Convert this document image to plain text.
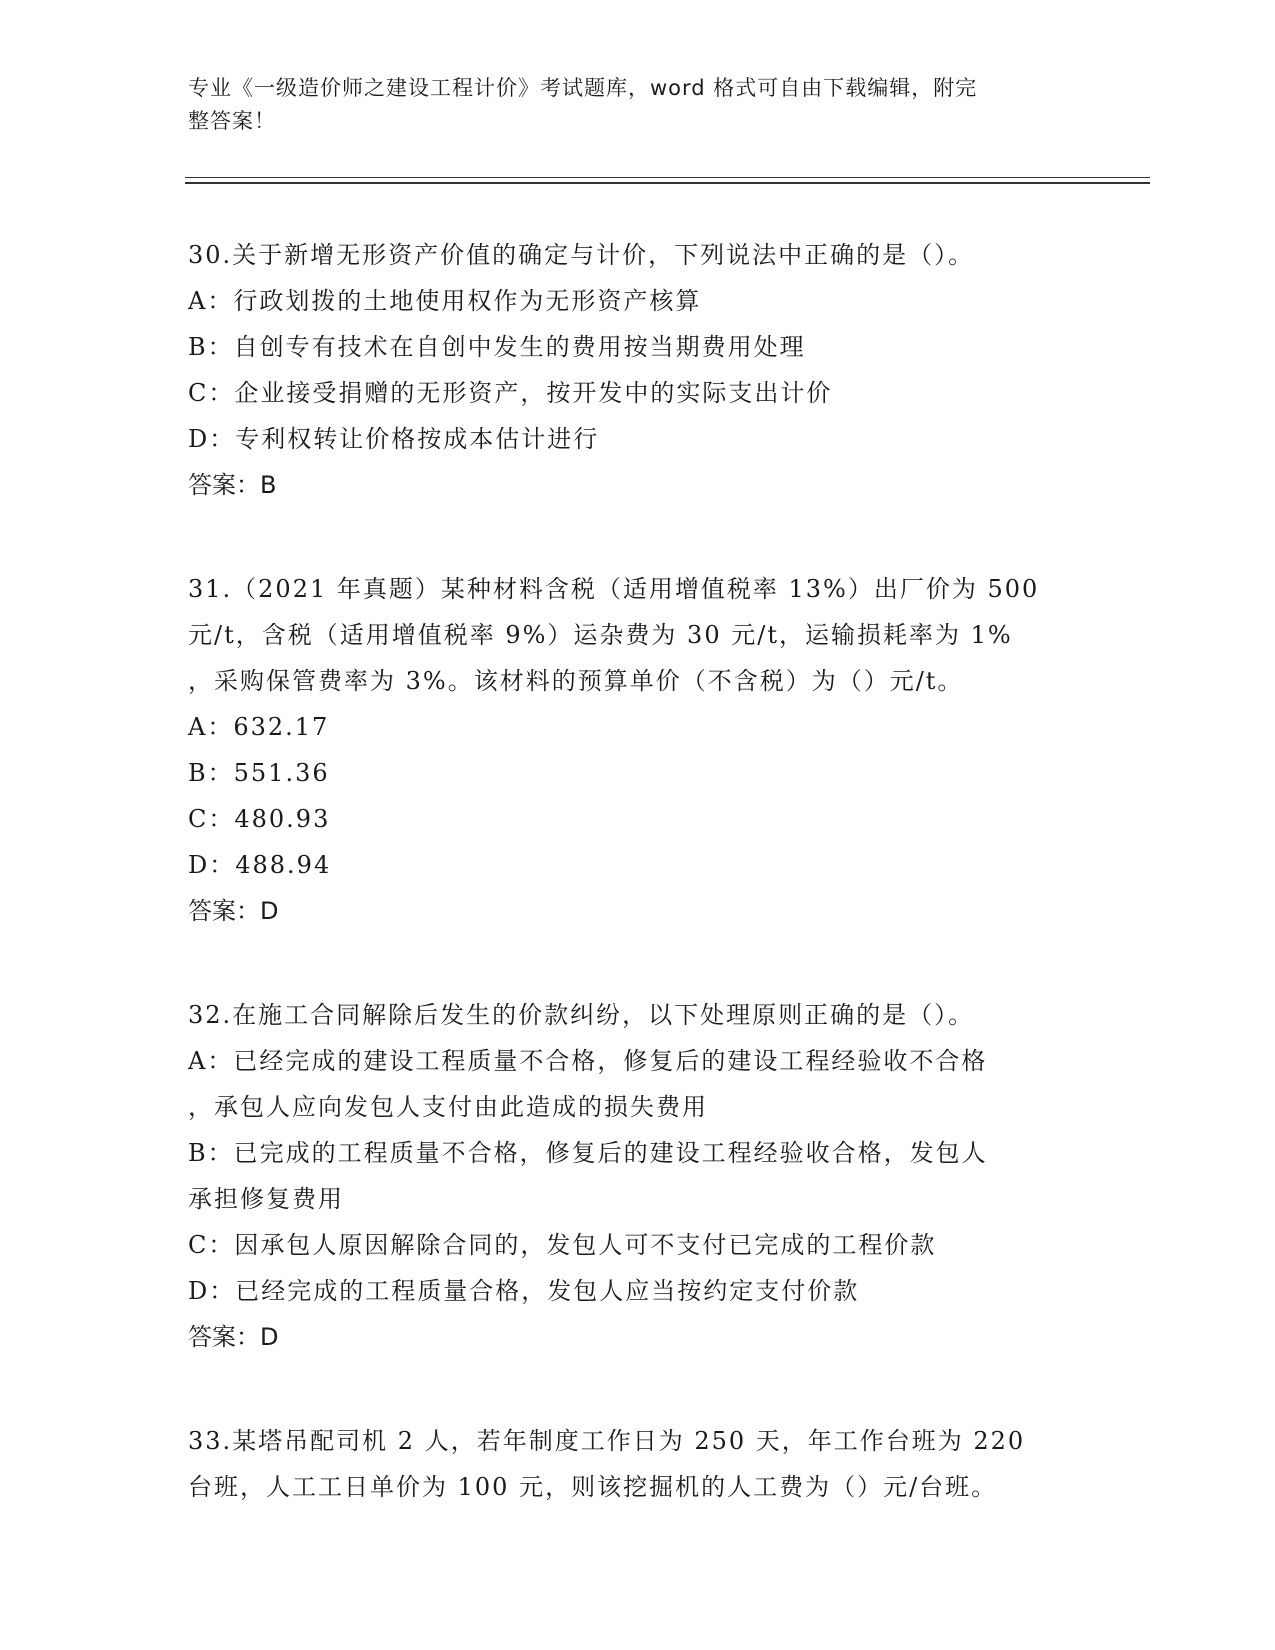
专业《一级造价师之建设工程计价》考试题库，word 格式可自由下载编辑，附完
整答案！
30.关于新增无形资产价值的确定与计价，下列说法中正确的是（）。
A：行政划拨的土地使用权作为无形资产核算
B：自创专有技术在自创中发生的费用按当期费用处理
C：企业接受捐赠的无形资产，按开发中的实际支出计价
D：专利权转让价格按成本估计进行
答案：B
31.（2021 年真题）某种材料含税（适用增值税率 13%）出厂价为 500
元/t，含税（适用增值税率 9%）运杂费为 30 元/t，运输损耗率为 1%
，采购保管费率为 3%。该材料的预算单价（不含税）为（）元/t。
A：632.17
B：551.36
C：480.93
D：488.94
答案：D
32.在施工合同解除后发生的价款纠纷，以下处理原则正确的是（）。
A：已经完成的建设工程质量不合格，修复后的建设工程经验收不合格
，承包人应向发包人支付由此造成的损失费用
B：已完成的工程质量不合格，修复后的建设工程经验收合格，发包人
承担修复费用
C：因承包人原因解除合同的，发包人可不支付已完成的工程价款
D：已经完成的工程质量合格，发包人应当按约定支付价款
答案：D
33.某塔吊配司机 2 人，若年制度工作日为 250 天，年工作台班为 220
台班，人工工日单价为 100 元，则该挖掘机的人工费为（）元/台班。
